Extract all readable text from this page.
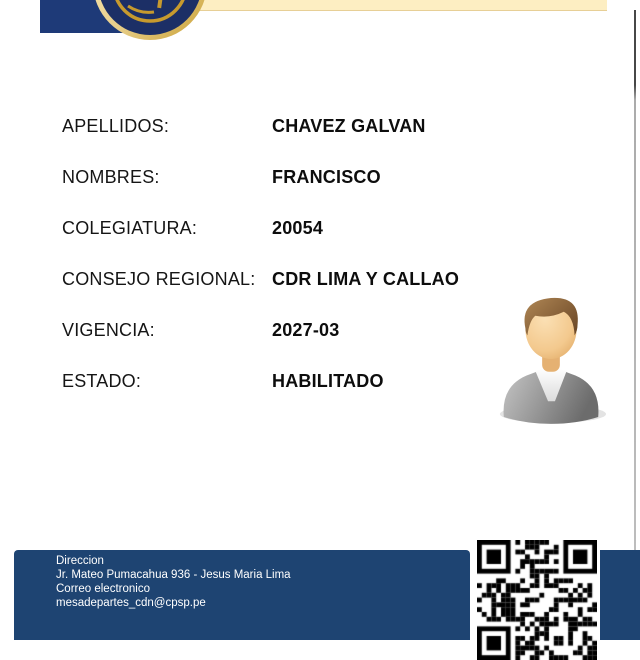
APELLIDOS:	CHAVEZ GALVAN
NOMBRES:	FRANCISCO
COLEGIATURA:	20054
CONSEJO REGIONAL: CDR LIMA Y CALLAO
VIGENCIA:	2027-03
ESTADO:	HABILITADO
Direccion
Jr. Mateo Pumacahua 936 - Jesus Maria Lima
Correo electronico
mesadepartes_cdn@cpsp.pe
